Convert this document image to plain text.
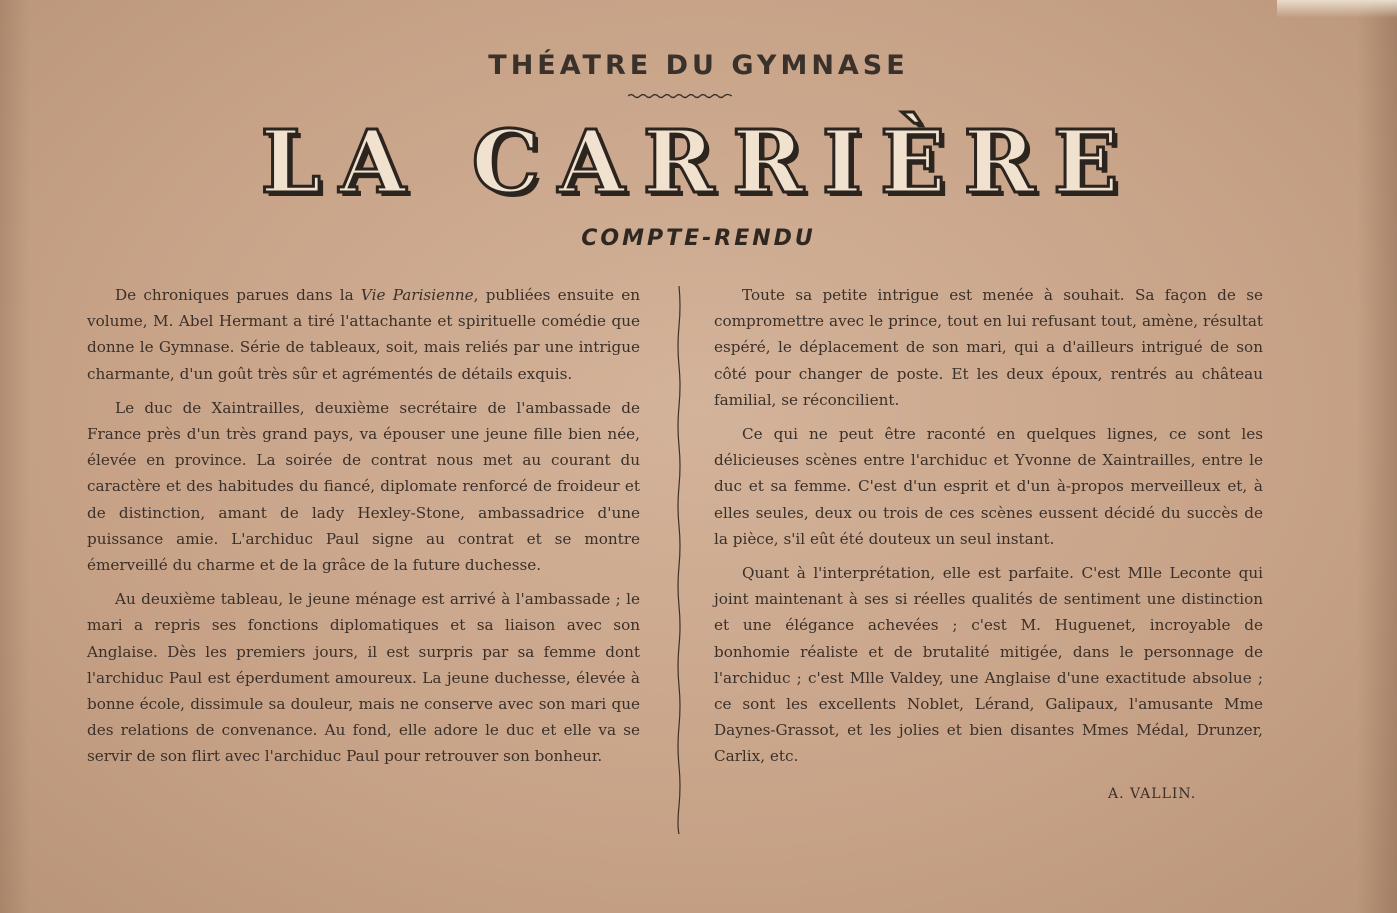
THÉATRE DU GYMNASE
LA CARRIÈRE
COMPTE-RENDU

De chroniques parues dans la Vie Parisienne, publiées ensuite en volume, M. Abel Hermant a tiré l'attachante et spirituelle comédie que donne le Gymnase. Série de tableaux, soit, mais reliés par une intrigue charmante, d'un goût très sûr et agrémentés de détails exquis.

Le duc de Xaintrailles, deuxième secrétaire de l'ambassade de France près d'un très grand pays, va épouser une jeune fille bien née, élevée en province. La soirée de contrat nous met au courant du caractère et des habitudes du fiancé, diplomate renforcé de froideur et de distinction, amant de lady Hexley-Stone, ambassadrice d'une puissance amie. L'archiduc Paul signe au contrat et se montre émerveillé du charme et de la grâce de la future duchesse.

Au deuxième tableau, le jeune ménage est arrivé à l'ambassade ; le mari a repris ses fonctions diplomatiques et sa liaison avec son Anglaise. Dès les premiers jours, il est surpris par sa femme dont l'archiduc Paul est éperdument amoureux. La jeune duchesse, élevée à bonne école, dissimule sa douleur, mais ne conserve avec son mari que des relations de convenance. Au fond, elle adore le duc et elle va se servir de son flirt avec l'archiduc Paul pour retrouver son bonheur.

Toute sa petite intrigue est menée à souhait. Sa façon de se compromettre avec le prince, tout en lui refusant tout, amène, résultat espéré, le déplacement de son mari, qui a d'ailleurs intrigué de son côté pour changer de poste. Et les deux époux, rentrés au château familial, se réconcilient.

Ce qui ne peut être raconté en quelques lignes, ce sont les délicieuses scènes entre l'archiduc et Yvonne de Xaintrailles, entre le duc et sa femme. C'est d'un esprit et d'un à-propos merveilleux et, à elles seules, deux ou trois de ces scènes eussent décidé du succès de la pièce, s'il eût été douteux un seul instant.

Quant à l'interprétation, elle est parfaite. C'est Mlle Leconte qui joint maintenant à ses si réelles qualités de sentiment une distinction et une élégance achevées ; c'est M. Huguenet, incroyable de bonhomie réaliste et de brutalité mitigée, dans le personnage de l'archiduc ; c'est Mlle Valdey, une Anglaise d'une exactitude absolue ; ce sont les excellents Noblet, Lérand, Galipaux, l'amusante Mme Daynes-Grassot, et les jolies et bien disantes Mmes Médal, Drunzer, Carlix, etc.

A. VALLIN.
